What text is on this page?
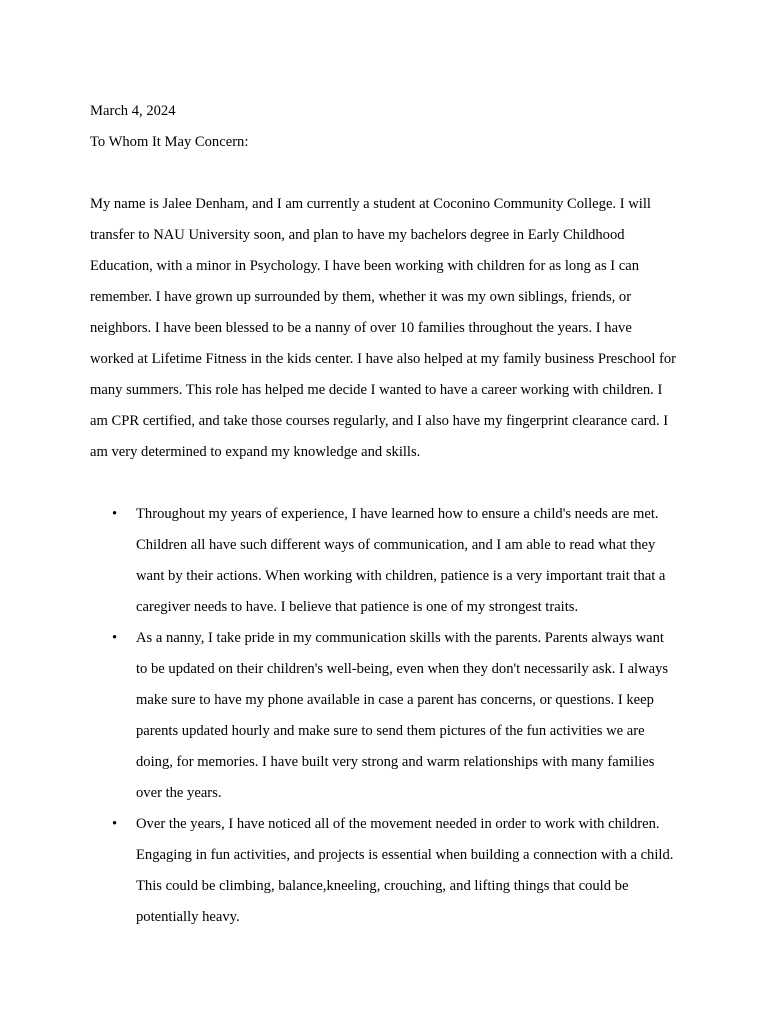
March 4, 2024

To Whom It May Concern:

My name is Jalee Denham, and I am currently a student at Coconino Community College. I will transfer to NAU University soon, and plan to have my bachelors degree in Early Childhood Education, with a minor in Psychology. I have been working with children for as long as I can remember. I have grown up surrounded by them, whether it was my own siblings, friends, or neighbors. I have been blessed to be a nanny of over 10 families throughout the years. I have worked at Lifetime Fitness in the kids center. I have also helped at my family business Preschool for many summers. This role has helped me decide I wanted to have a career working with children. I am CPR certified, and take those courses regularly, and I also have my fingerprint clearance card. I am very determined to expand my knowledge and skills.

• Throughout my years of experience, I have learned how to ensure a child's needs are met. Children all have such different ways of communication, and I am able to read what they want by their actions. When working with children, patience is a very important trait that a caregiver needs to have. I believe that patience is one of my strongest traits.
• As a nanny, I take pride in my communication skills with the parents. Parents always want to be updated on their children's well-being, even when they don't necessarily ask. I always make sure to have my phone available in case a parent has concerns, or questions. I keep parents updated hourly and make sure to send them pictures of the fun activities we are doing, for memories. I have built very strong and warm relationships with many families over the years.
• Over the years, I have noticed all of the movement needed in order to work with children. Engaging in fun activities, and projects is essential when building a connection with a child. This could be climbing, balance,kneeling, crouching, and lifting things that could be potentially heavy.
